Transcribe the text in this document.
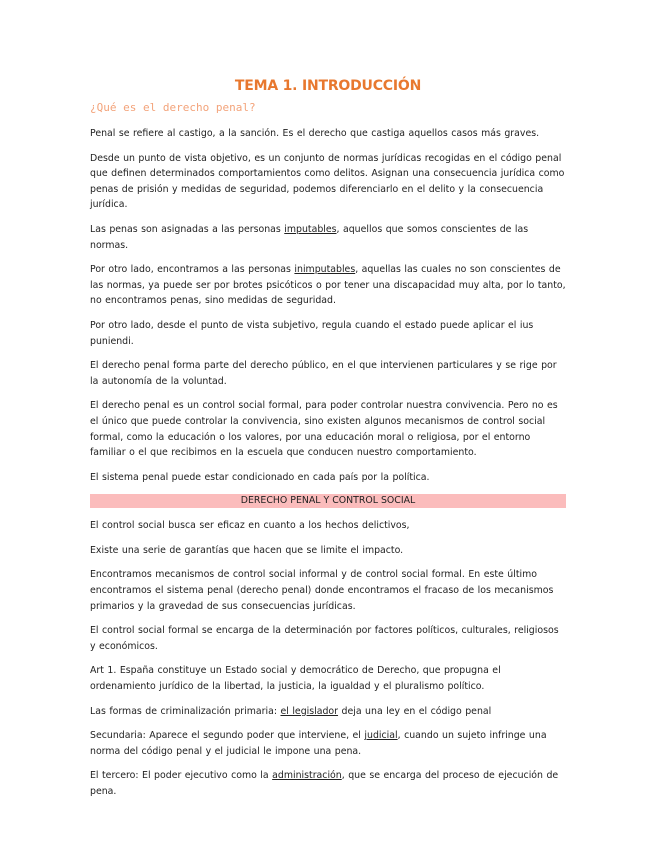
TEMA 1. INTRODUCCIÓN
¿Qué es el derecho penal?

Penal se refiere al castigo, a la sanción. Es el derecho que castiga aquellos casos más graves.

Desde un punto de vista objetivo, es un conjunto de normas jurídicas recogidas en el código penal que definen determinados comportamientos como delitos. Asignan una consecuencia jurídica como penas de prisión y medidas de seguridad, podemos diferenciarlo en el delito y la consecuencia jurídica.

Las penas son asignadas a las personas imputables, aquellos que somos conscientes de las normas.

Por otro lado, encontramos a las personas inimputables, aquellas las cuales no son conscientes de las normas, ya puede ser por brotes psicóticos o por tener una discapacidad muy alta, por lo tanto, no encontramos penas, sino medidas de seguridad.

Por otro lado, desde el punto de vista subjetivo, regula cuando el estado puede aplicar el ius puniendi.

El derecho penal forma parte del derecho público, en el que intervienen particulares y se rige por la autonomía de la voluntad.

El derecho penal es un control social formal, para poder controlar nuestra convivencia. Pero no es el único que puede controlar la convivencia, sino existen algunos mecanismos de control social formal, como la educación o los valores, por una educación moral o religiosa, por el entorno familiar o el que recibimos en la escuela que conducen nuestro comportamiento.

El sistema penal puede estar condicionado en cada país por la política.

DERECHO PENAL Y CONTROL SOCIAL

El control social busca ser eficaz en cuanto a los hechos delictivos,

Existe una serie de garantías que hacen que se limite el impacto.

Encontramos mecanismos de control social informal y de control social formal. En este último encontramos el sistema penal (derecho penal) donde encontramos el fracaso de los mecanismos primarios y la gravedad de sus consecuencias jurídicas.

El control social formal se encarga de la determinación por factores políticos, culturales, religiosos y económicos.

Art 1. España constituye un Estado social y democrático de Derecho, que propugna el ordenamiento jurídico de la libertad, la justicia, la igualdad y el pluralismo político.

Las formas de criminalización primaria: el legislador deja una ley en el código penal

Secundaria: Aparece el segundo poder que interviene, el judicial, cuando un sujeto infringe una norma del código penal y el judicial le impone una pena.

El tercero: El poder ejecutivo como la administración, que se encarga del proceso de ejecución de pena.
